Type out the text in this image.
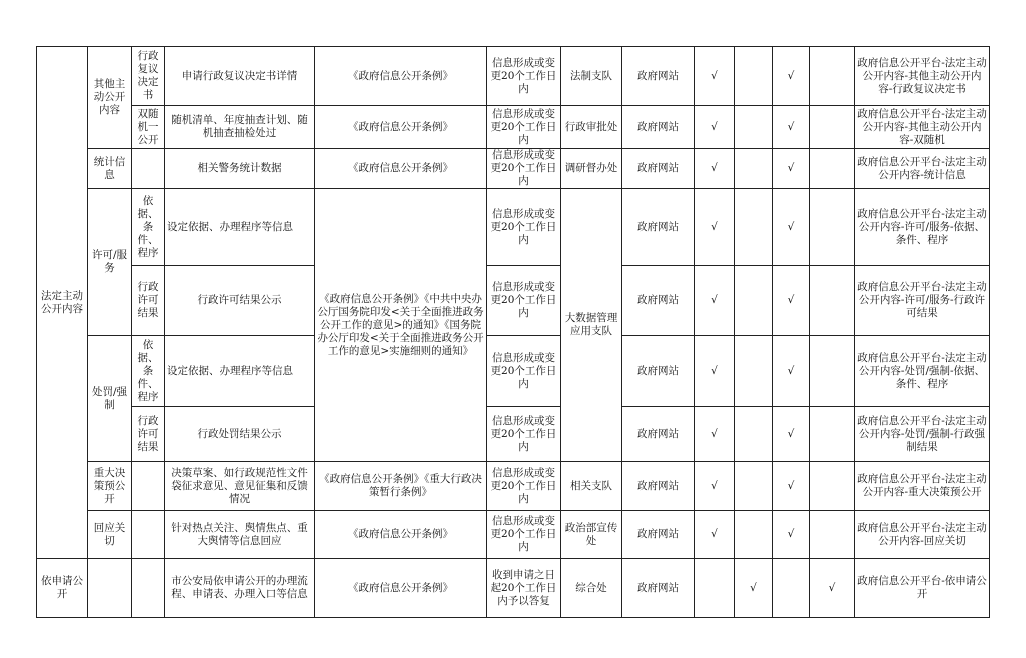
法定主动公开内容	其他主动公开内容	行政复议决定书	申请行政复议决定书详情	《政府信息公开条例》	信息形成或变更20个工作日内	法制支队	政府网站	√		√		政府信息公开平台-法定主动公开内容-其他主动公开内容-行政复议决定书
		双随机一公开	随机清单、年度抽查计划、随机抽查抽检处过	《政府信息公开条例》	信息形成或变更20个工作日内	行政审批处	政府网站	√		√		政府信息公开平台-法定主动公开内容-其他主动公开内容-双随机
	统计信息		相关警务统计数据	《政府信息公开条例》	信息形成或变更20个工作日内	调研督办处	政府网站	√		√		政府信息公开平台-法定主动公开内容-统计信息
	许可/服务	依据、条件、程序	设定依据、办理程序等信息	《政府信息公开条例》《中共中央办公厅国务院印发<关于全面推进政务公开工作的意见>的通知》《国务院办公厅印发<关于全面推进政务公开工作的意见>实施细则的通知》	信息形成或变更20个工作日内	大数据管理应用支队	政府网站	√		√		政府信息公开平台-法定主动公开内容-许可/服务-依据、条件、程序
		行政许可结果	行政许可结果公示		信息形成或变更20个工作日内		政府网站	√		√		政府信息公开平台-法定主动公开内容-许可/服务-行政许可结果
	处罚/强制	依据、条件、程序	设定依据、办理程序等信息		信息形成或变更20个工作日内		政府网站	√		√		政府信息公开平台-法定主动公开内容-处罚/强制-依据、条件、程序
		行政许可结果	行政处罚结果公示		信息形成或变更20个工作日内		政府网站	√		√		政府信息公开平台-法定主动公开内容-处罚/强制-行政强制结果
	重大决策预公开		决策草案、如行政规范性文件袋征求意见、意见征集和反馈情况	《政府信息公开条例》《重大行政决策暂行条例》	信息形成或变更20个工作日内	相关支队	政府网站	√		√		政府信息公开平台-法定主动公开内容-重大决策预公开
	回应关切		针对热点关注、舆情焦点、重大舆情等信息回应	《政府信息公开条例》	信息形成或变更20个工作日内	政治部宣传处	政府网站	√		√		政府信息公开平台-法定主动公开内容-回应关切
依申请公开			市公安局依申请公开的办理流程、申请表、办理入口等信息	《政府信息公开条例》	收到申请之日起20个工作日内予以答复	综合处	政府网站		√		√	政府信息公开平台-依申请公开
